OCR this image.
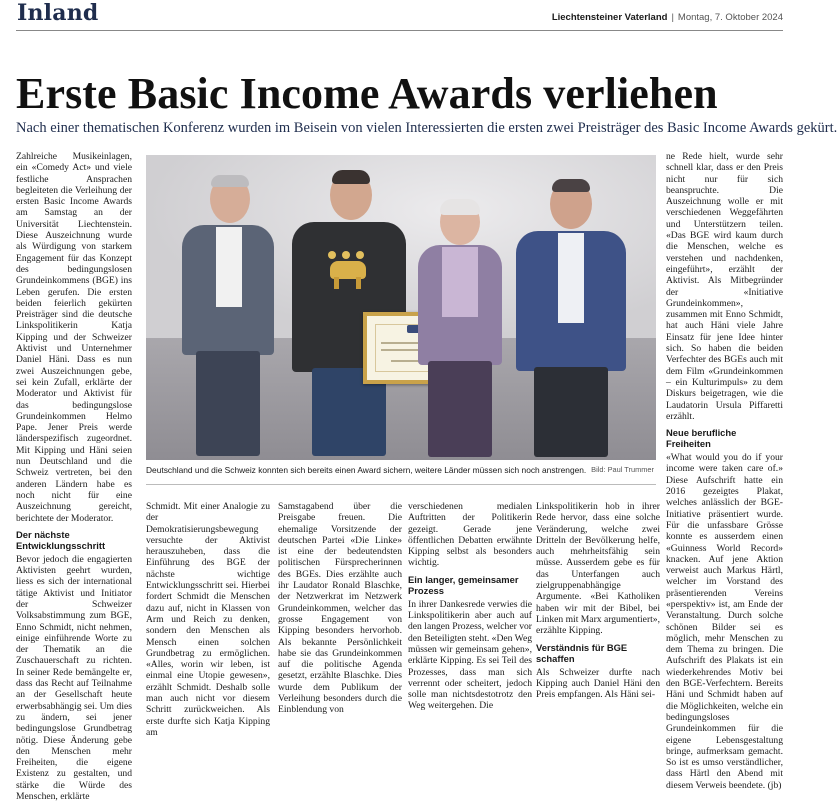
Inland	Liechtensteiner Vaterland | Montag, 7. Oktober 2024
Erste Basic Income Awards verliehen

Nach einer thematischen Konferenz wurden im Beisein von vielen Interessierten die ersten zwei Preisträger des Basic Income Awards gekürt.

Zahlreiche Musikeinlagen, ein «Comedy Act» und viele festliche Ansprachen begleiteten die Verleihung der ersten Basic Income Awards am Samstag an der Universität Liechtenstein. Diese Auszeichnung wurde als Würdigung von starkem Engagement für das Konzept des bedingungslosen Grundeinkommens (BGE) ins Leben gerufen. Die ersten beiden feierlich gekürten Preisträger sind die deutsche Linkspolitikerin Katja Kipping und der Schweizer Aktivist und Unternehmer Daniel Häni. Dass es nun zwei Auszeichnungen gebe, sei kein Zufall, erklärte der Moderator und Aktivist für das bedingungslose Grundeinkommen Helmo Pape. Jener Preis werde länderspezifisch zugeordnet. Mit Kipping und Häni seien nun Deutschland und die Schweiz vertreten, bei den anderen Ländern habe es noch nicht für eine Auszeichnung gereicht, berichtete der Moderator.

Der nächste Entwicklungsschritt

Bevor jedoch die engagierten Aktivisten geehrt wurden, liess es sich der international tätige Aktivist und Initiator der Schweizer Volksabstimmung zum BGE, Enno Schmidt, nicht nehmen, einige einführende Worte zu der Thematik an die Zuschauerschaft zu richten. In seiner Rede bemängelte er, dass das Recht auf Teilnahme an der Gesellschaft heute erwerbsabhängig sei. Um dies zu ändern, sei jener bedingungslose Grundbetrag nötig. Diese Änderung gebe den Menschen mehr Freiheiten, die eigene Existenz zu gestalten, und stärke die Würde des Menschen, erklärte

Deutschland und die Schweiz konnten sich bereits einen Award sichern, weitere Länder müssen sich noch anstrengen. Bild: Paul Trummer

Schmidt. Mit einer Analogie zu der Demokratisierungsbewegung versuchte der Aktivist herauszuheben, dass die Einführung des BGE der nächste wichtige Entwicklungsschritt sei. Hierbei fordert Schmidt die Menschen dazu auf, nicht in Klassen von Arm und Reich zu denken, sondern den Menschen als Mensch einen solchen Grundbetrag zu ermöglichen. «Alles, worin wir leben, ist einmal eine Utopie gewesen», erzählt Schmidt. Deshalb solle man auch nicht vor diesem Schritt zurückweichen. Als erste durfte sich Katja Kipping am

Samstagabend über die Preisgabe freuen. Die ehemalige Vorsitzende der deutschen Partei «Die Linke» ist eine der bedeutendsten politischen Fürsprecherinnen des BGEs. Dies erzählte auch ihr Laudator Ronald Blaschke, der Netzwerkrat im Netzwerk Grundeinkommen, welcher das grosse Engagement von Kipping besonders hervorhob. Als bekannte Persönlichkeit habe sie das Grundeinkommen auf die politische Agenda gesetzt, erzählte Blaschke. Dies wurde dem Publikum der Verleihung besonders durch die Einblendung von

verschiedenen medialen Auftritten der Politikerin gezeigt. Gerade jene öffentlichen Debatten erwähnte Kipping selbst als besonders wichtig.

Ein langer, gemeinsamer Prozess

In ihrer Dankesrede verwies die Linkspolitikerin aber auch auf den langen Prozess, welcher vor den Beteiligten steht. «Den Weg müssen wir gemeinsam gehen», erklärte Kipping. Es sei Teil des Prozesses, dass man sich verrennt oder scheitert, jedoch solle man nichtsdestotrotz den Weg weitergehen. Die

Linkspolitikerin hob in ihrer Rede hervor, dass eine solche Veränderung, welche zwei Dritteln der Bevölkerung helfe, auch mehrheitsfähig sein müsse. Ausserdem gebe es für das Unterfangen auch zielgruppenabhängige Argumente. «Bei Katholiken haben wir mit der Bibel, bei Linken mit Marx argumentiert», erzählte Kipping.

Verständnis für BGE schaffen

Als Schweizer durfte nach Kipping auch Daniel Häni den Preis empfangen. Als Häni sei-

ne Rede hielt, wurde sehr schnell klar, dass er den Preis nicht nur für sich beanspruchte. Die Auszeichnung wolle er mit verschiedenen Weggefährten und Unterstützern teilen. «Das BGE wird kaum durch die Menschen, welche es verstehen und nachdenken, eingeführt», erzählt der Aktivist. Als Mitbegründer der «Initiative Grundeinkommen», zusammen mit Enno Schmidt, hat auch Häni viele Jahre Einsatz für jene Idee hinter sich. So haben die beiden Verfechter des BGEs auch mit dem Film «Grundeinkommen – ein Kulturimpuls» zu dem Diskurs beigetragen, wie die Laudatorin Ursula Piffaretti erzählt.

Neue berufliche Freiheiten

«What would you do if your income were taken care of.» Diese Aufschrift hatte ein 2016 gezeigtes Plakat, welches anlässlich der BGE-Initiative präsentiert wurde. Für die unfassbare Grösse konnte es ausserdem einen «Guinness World Record» knacken. Auf jene Aktion verweist auch Markus Härtl, welcher im Vorstand des präsentierenden Vereins «perspektiv» ist, am Ende der Veranstaltung. Durch solche schönen Bilder sei es möglich, mehr Menschen zu dem Thema zu bringen. Die Aufschrift des Plakats ist ein wiederkehrendes Motiv bei den BGE-Verfechtern. Bereits Häni und Schmidt haben auf die Möglichkeiten, welche ein bedingungsloses Grundeinkommen für die eigene Lebensgestaltung bringe, aufmerksam gemacht. So ist es umso verständlicher, dass Härtl den Abend mit diesem Verweis beendete. (jb)
